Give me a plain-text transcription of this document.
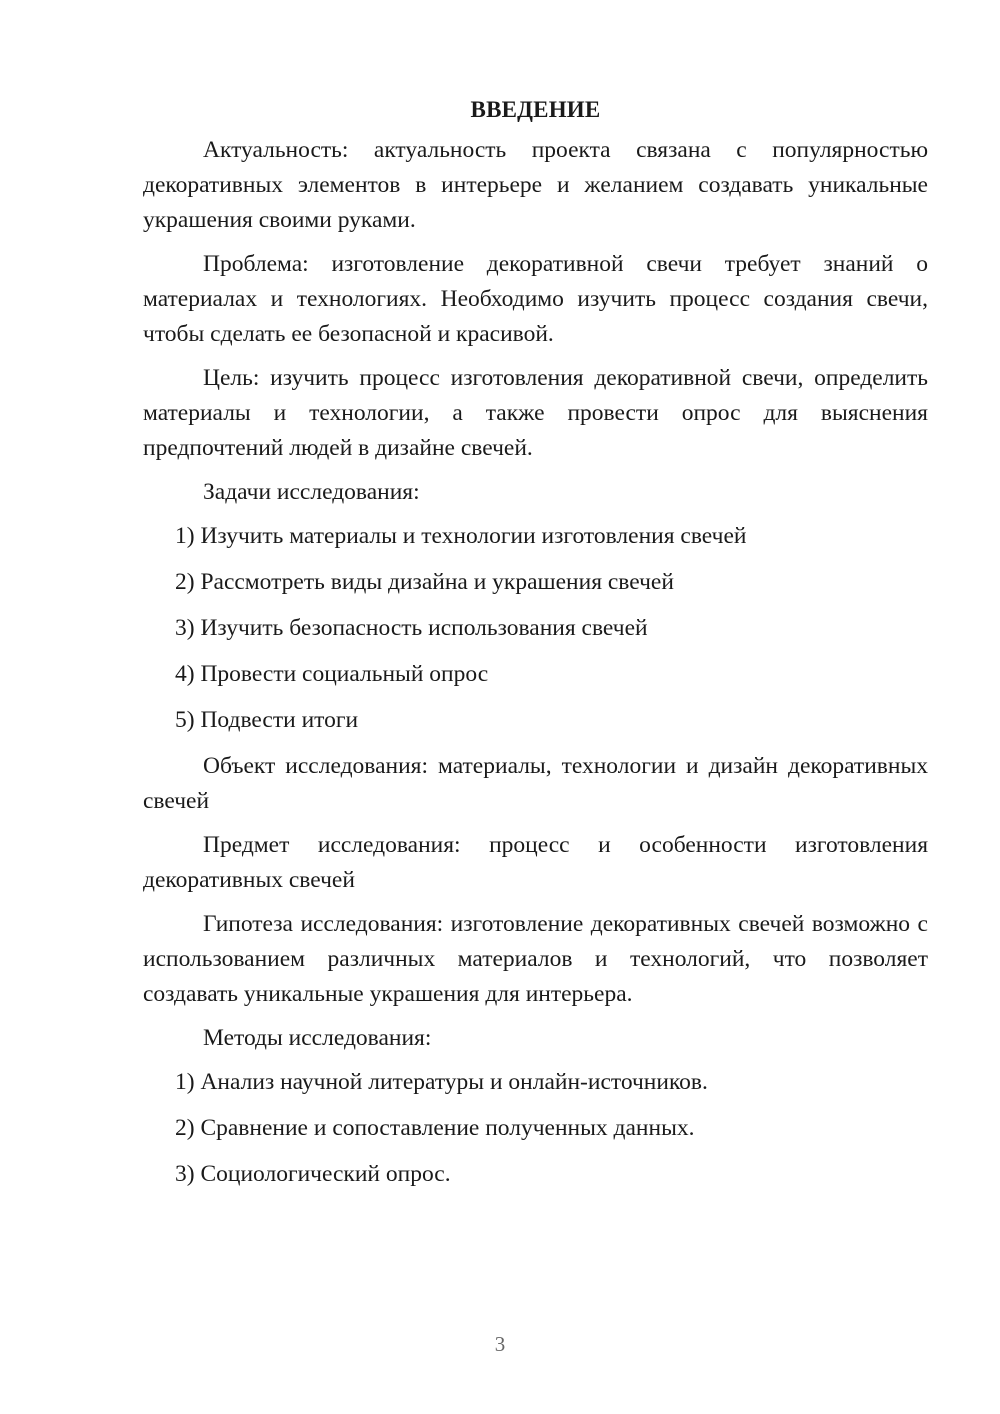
ВВЕДЕНИЕ

Актуальность: актуальность проекта связана с популярностью декоративных элементов в интерьере и желанием создавать уникальные украшения своими руками.

Проблема: изготовление декоративной свечи требует знаний о материалах и технологиях. Необходимо изучить процесс создания свечи, чтобы сделать ее безопасной и красивой.

Цель: изучить процесс изготовления декоративной свечи, определить материалы и технологии, а также провести опрос для выяснения предпочтений людей в дизайне свечей.

Задачи исследования:
1) Изучить материалы и технологии изготовления свечей
2) Рассмотреть виды дизайна и украшения свечей
3) Изучить безопасность использования свечей
4) Провести социальный опрос
5) Подвести итоги

Объект исследования: материалы, технологии и дизайн декоративных свечей

Предмет исследования: процесс и особенности изготовления декоративных свечей

Гипотеза исследования: изготовление декоративных свечей возможно с использованием различных материалов и технологий, что позволяет создавать уникальные украшения для интерьера.

Методы исследования:
1) Анализ научной литературы и онлайн-источников.
2) Сравнение и сопоставление полученных данных.
3) Социологический опрос.
3
